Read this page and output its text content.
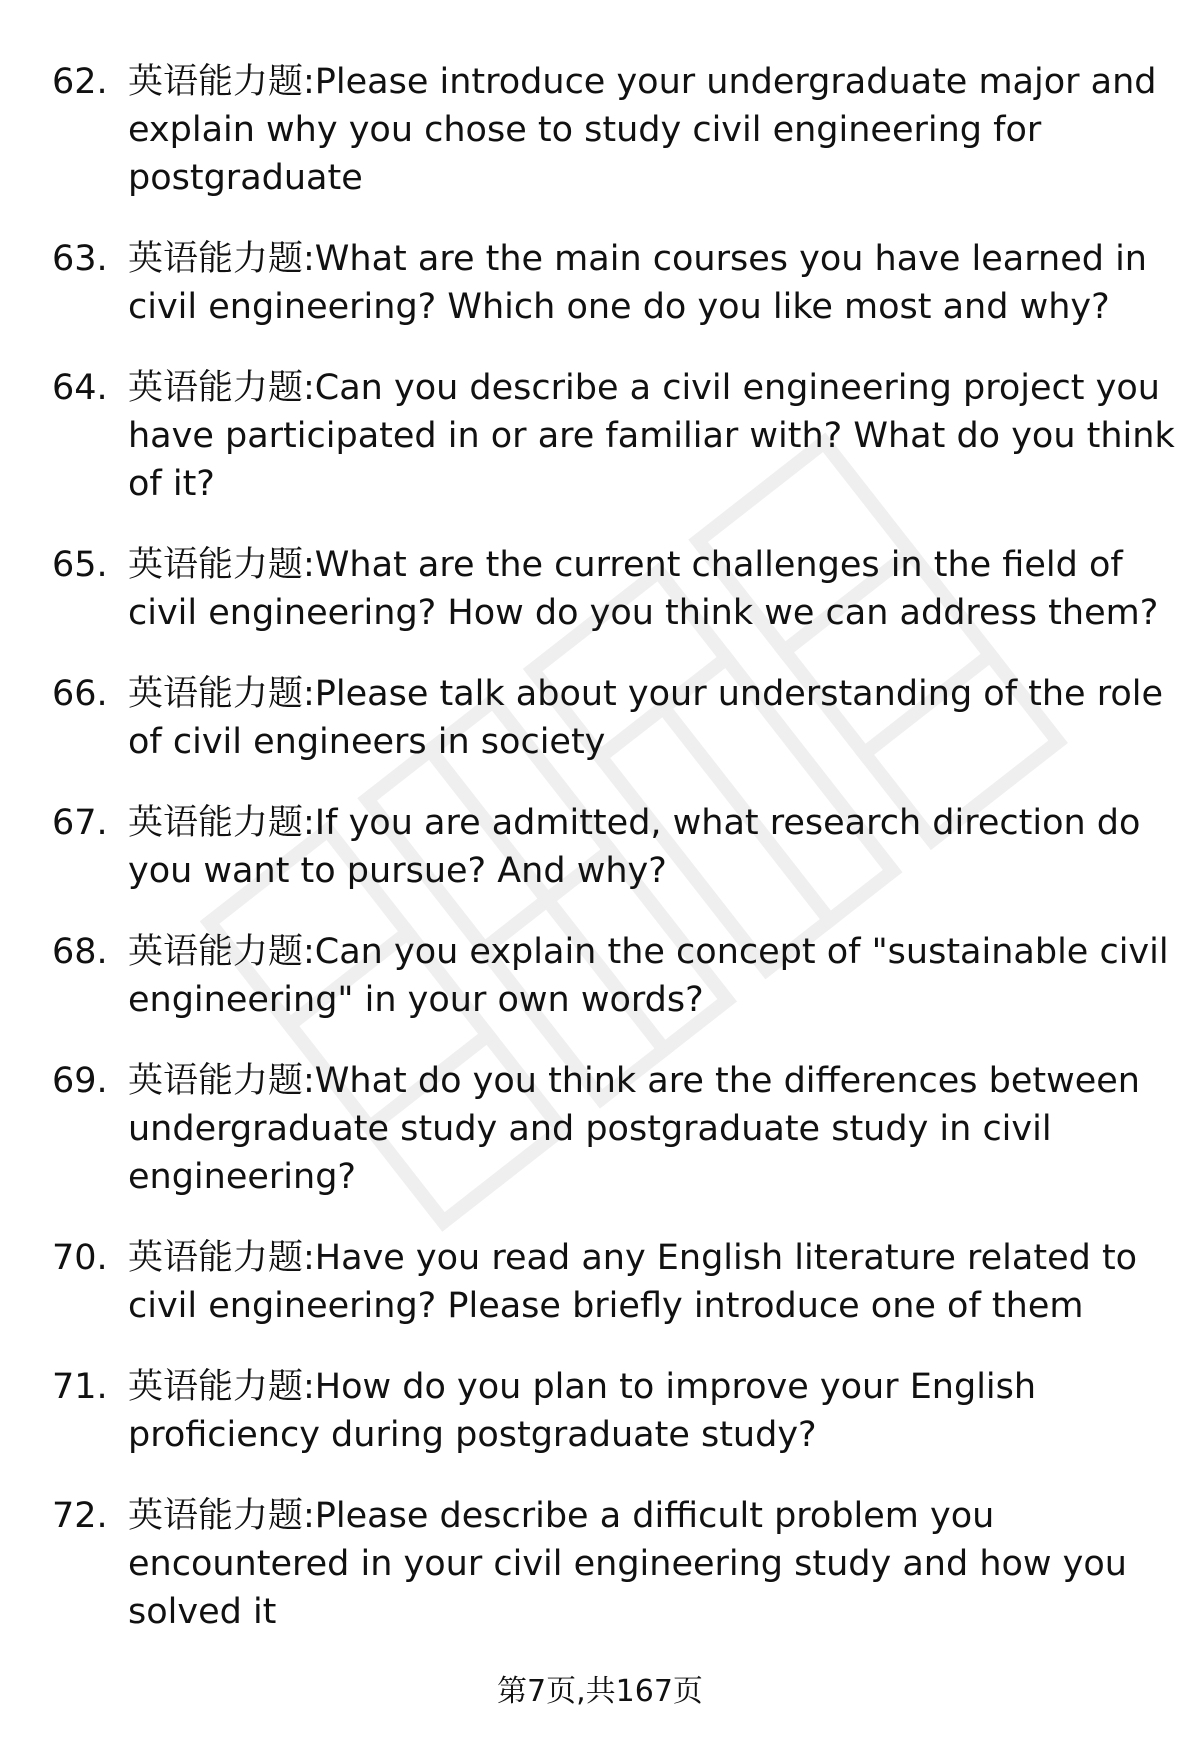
62. 英语能力题:Please introduce your undergraduate major and explain why you chose to study civil engineering for postgraduate
63. 英语能力题:What are the main courses you have learned in civil engineering? Which one do you like most and why?
64. 英语能力题:Can you describe a civil engineering project you have participated in or are familiar with? What do you think of it?
65. 英语能力题:What are the current challenges in the field of civil engineering? How do you think we can address them?
66. 英语能力题:Please talk about your understanding of the role of civil engineers in society
67. 英语能力题:If you are admitted, what research direction do you want to pursue? And why?
68. 英语能力题:Can you explain the concept of "sustainable civil engineering" in your own words?
69. 英语能力题:What do you think are the differences between undergraduate study and postgraduate study in civil engineering?
70. 英语能力题:Have you read any English literature related to civil engineering? Please briefly introduce one of them
71. 英语能力题:How do you plan to improve your English proficiency during postgraduate study?
72. 英语能力题:Please describe a difficult problem you encountered in your civil engineering study and how you solved it
第7页,共167页
